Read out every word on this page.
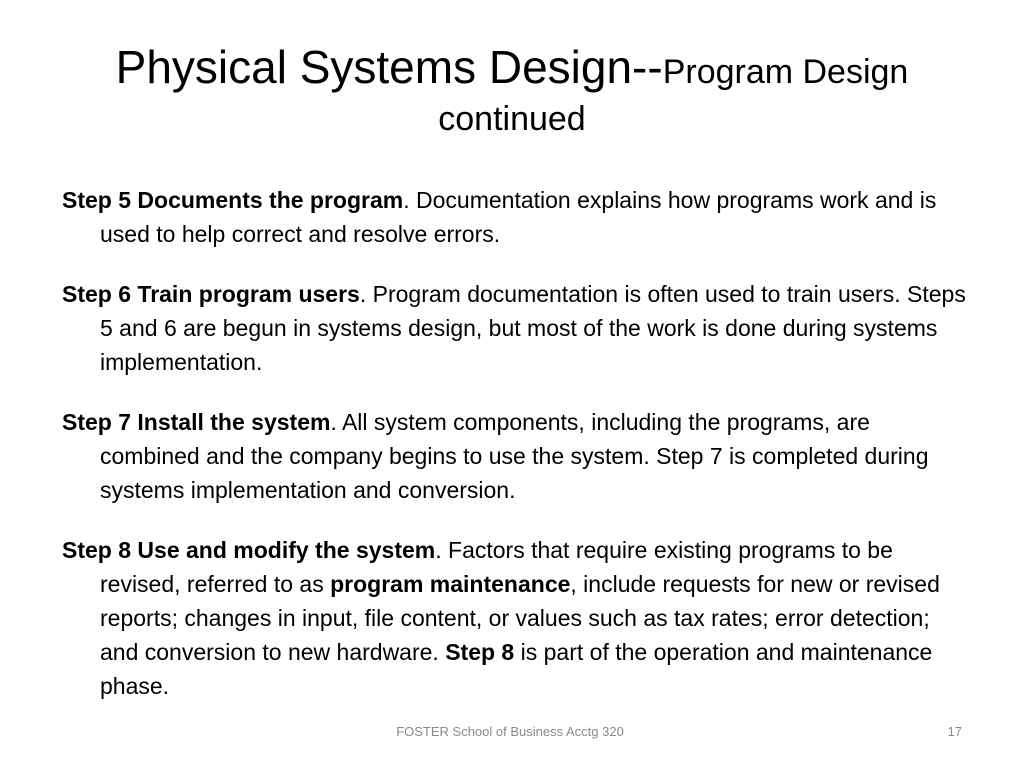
Physical Systems Design--Program Design
continued

Step 5 Documents the program. Documentation explains how programs work and is used to help correct and resolve errors.

Step 6 Train program users. Program documentation is often used to train users. Steps 5 and 6 are begun in systems design, but most of the work is done during systems implementation.

Step 7 Install the system. All system components, including the programs, are combined and the company begins to use the system. Step 7 is completed during systems implementation and conversion.

Step 8 Use and modify the system. Factors that require existing programs to be revised, referred to as program maintenance, include requests for new or revised reports; changes in input, file content, or values such as tax rates; error detection; and conversion to new hardware. Step 8 is part of the operation and maintenance phase.

FOSTER School of Business Acctg 320	17
